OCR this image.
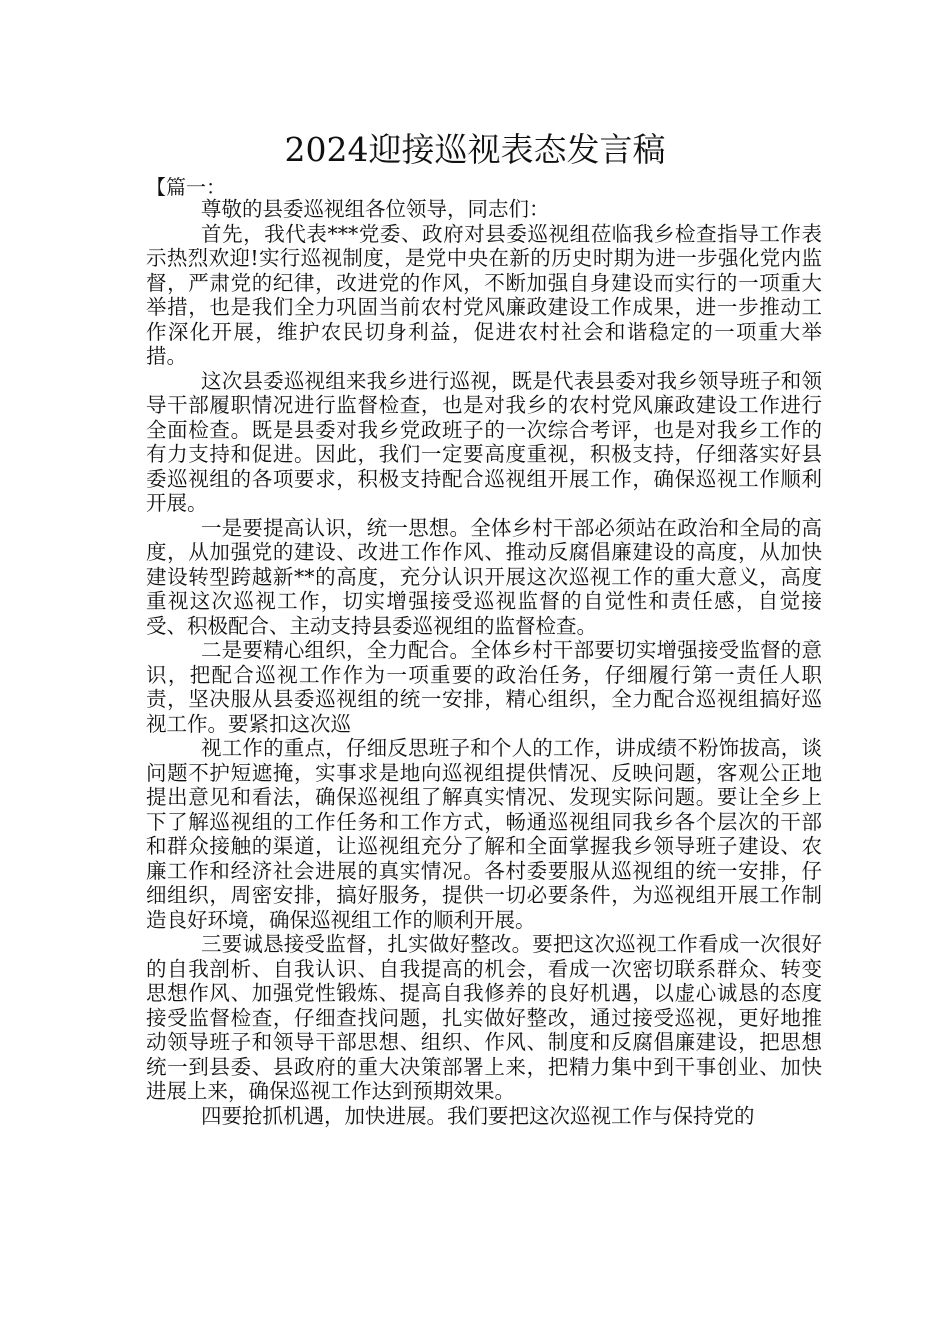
2024迎接巡视表态发言稿
【篇一：

尊敬的县委巡视组各位领导，同志们：

首先，我代表***党委、政府对县委巡视组莅临我乡检查指导工作表示热烈欢迎!实行巡视制度，是党中央在新的历史时期为进一步强化党内监督，严肃党的纪律，改进党的作风，不断加强自身建设而实行的一项重大举措，也是我们全力巩固当前农村党风廉政建设工作成果，进一步推动工作深化开展，维护农民切身利益，促进农村社会和谐稳定的一项重大举措。

这次县委巡视组来我乡进行巡视，既是代表县委对我乡领导班子和领导干部履职情况进行监督检查，也是对我乡的农村党风廉政建设工作进行全面检查。既是县委对我乡党政班子的一次综合考评，也是对我乡工作的有力支持和促进。因此，我们一定要高度重视，积极支持，仔细落实好县委巡视组的各项要求，积极支持配合巡视组开展工作，确保巡视工作顺利开展。

一是要提高认识，统一思想。全体乡村干部必须站在政治和全局的高度，从加强党的建设、改进工作作风、推动反腐倡廉建设的高度，从加快建设转型跨越新**的高度，充分认识开展这次巡视工作的重大意义，高度重视这次巡视工作，切实增强接受巡视监督的自觉性和责任感，自觉接受、积极配合、主动支持县委巡视组的监督检查。

二是要精心组织，全力配合。全体乡村干部要切实增强接受监督的意识，把配合巡视工作作为一项重要的政治任务，仔细履行第一责任人职责，坚决服从县委巡视组的统一安排，精心组织，全力配合巡视组搞好巡视工作。要紧扣这次巡

视工作的重点，仔细反思班子和个人的工作，讲成绩不粉饰拔高，谈问题不护短遮掩，实事求是地向巡视组提供情况、反映问题，客观公正地提出意见和看法，确保巡视组了解真实情况、发现实际问题。要让全乡上下了解巡视组的工作任务和工作方式，畅通巡视组同我乡各个层次的干部和群众接触的渠道，让巡视组充分了解和全面掌握我乡领导班子建设、农廉工作和经济社会进展的真实情况。各村委要服从巡视组的统一安排，仔细组织，周密安排，搞好服务，提供一切必要条件，为巡视组开展工作制造良好环境，确保巡视组工作的顺利开展。

三要诚恳接受监督，扎实做好整改。要把这次巡视工作看成一次很好的自我剖析、自我认识、自我提高的机会，看成一次密切联系群众、转变思想作风、加强党性锻炼、提高自我修养的良好机遇，以虚心诚恳的态度接受监督检查，仔细查找问题，扎实做好整改，通过接受巡视，更好地推动领导班子和领导干部思想、组织、作风、制度和反腐倡廉建设，把思想统一到县委、县政府的重大决策部署上来，把精力集中到干事创业、加快进展上来，确保巡视工作达到预期效果。

四要抢抓机遇，加快进展。我们要把这次巡视工作与保持党的
